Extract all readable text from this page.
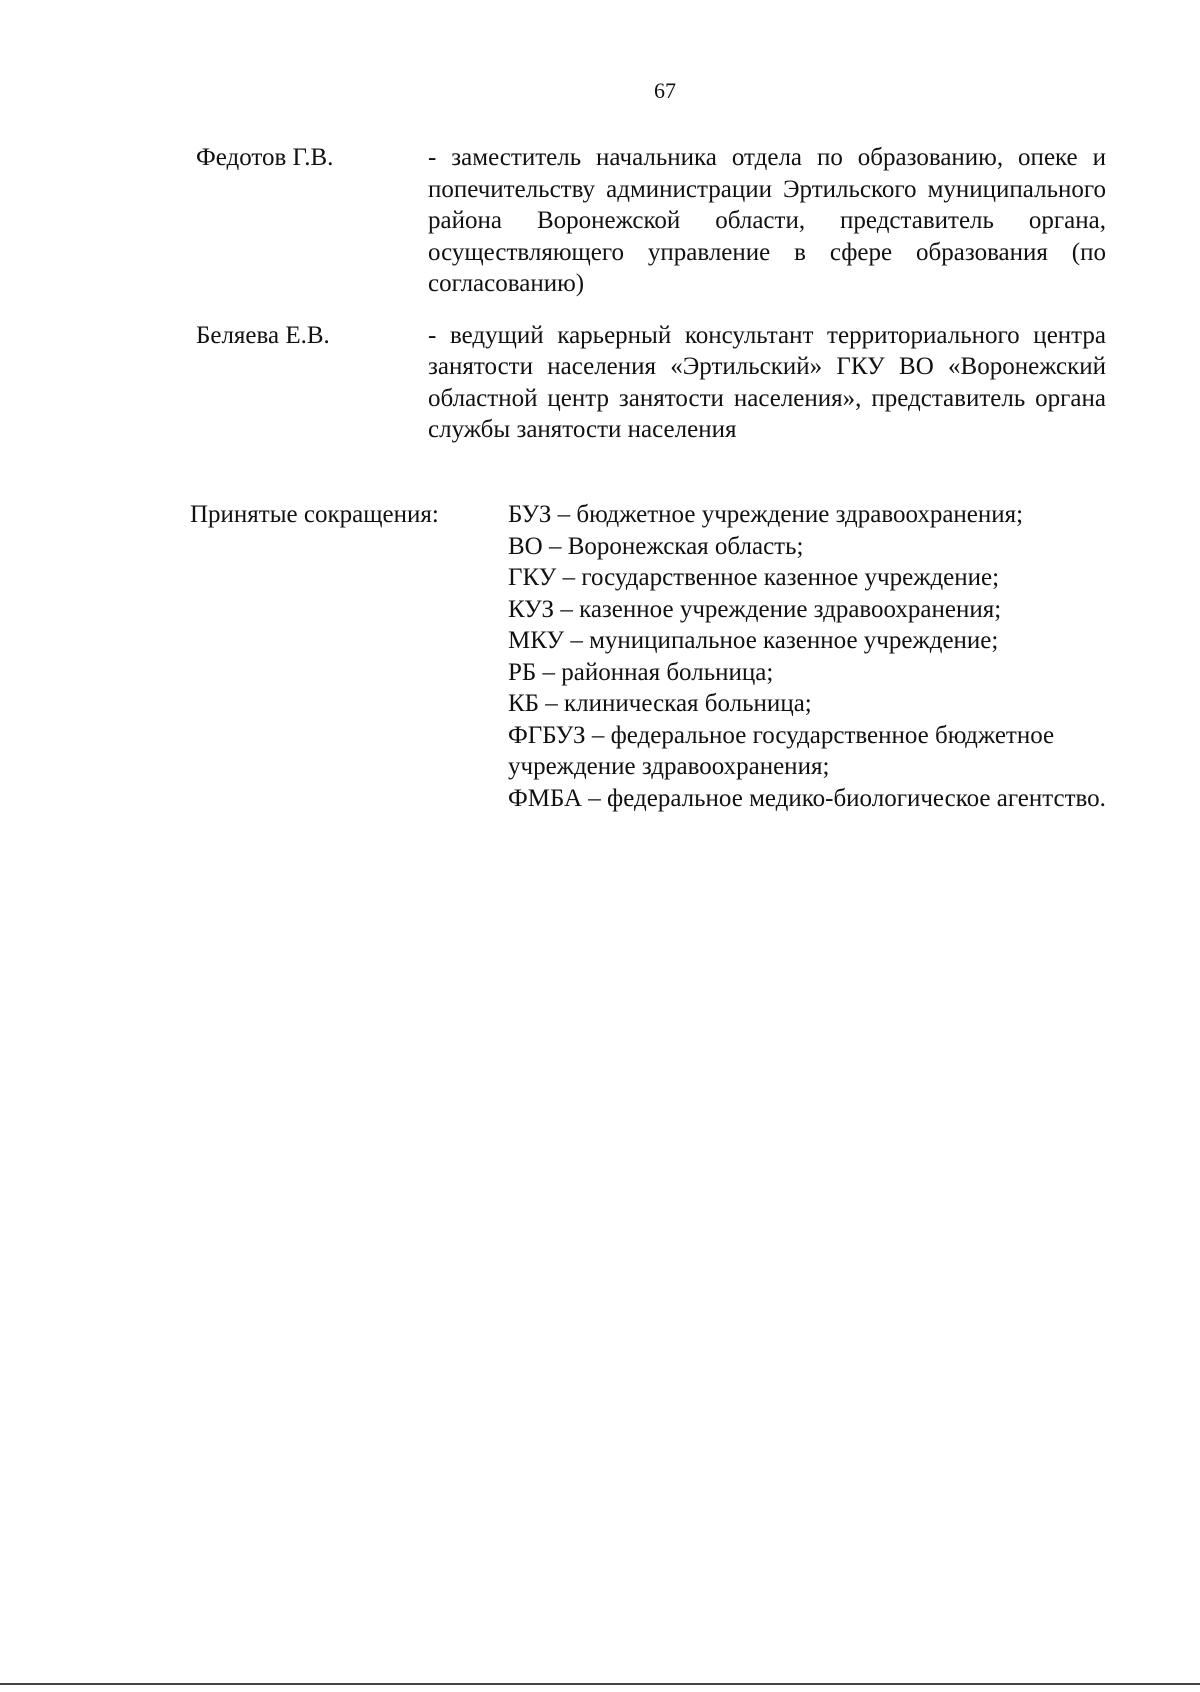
67
Федотов Г.В.	- заместитель начальника отдела по образованию, опеке и попечительству администрации Эртильского муниципального района Воронежской области, представитель органа, осуществляющего управление в сфере образования (по согласованию)
Беляева Е.В.	- ведущий карьерный консультант территориального центра занятости населения «Эртильский» ГКУ ВО «Воронежский областной центр занятости населения», представитель органа службы занятости населения
Принятые сокращения:	БУЗ – бюджетное учреждение здравоохранения;
ВО – Воронежская область;
ГКУ – государственное казенное учреждение;
КУЗ – казенное учреждение здравоохранения;
МКУ – муниципальное казенное учреждение;
РБ – районная больница;
КБ – клиническая больница;
ФГБУЗ – федеральное государственное бюджетное учреждение здравоохранения;
ФМБА – федеральное медико-биологическое агентство.
